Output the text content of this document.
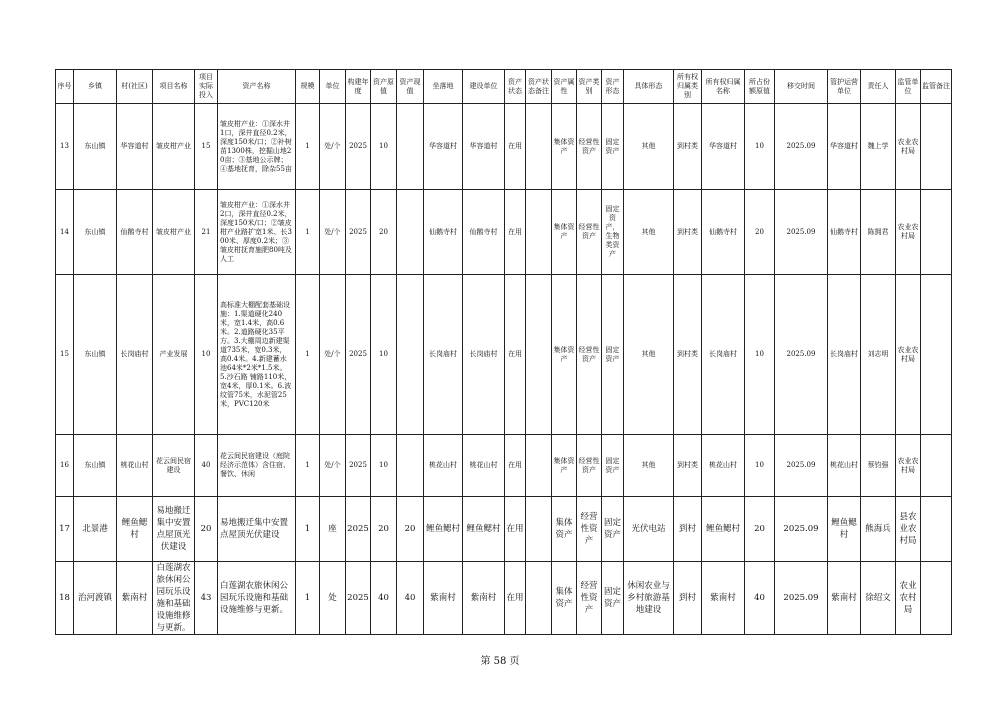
序号	乡镇	村(社区)	项目名称	项目实际投入	资产名称	规模	单位	构建年度	资产原值	资产现值	坐落地	建设单位	资产状态	资产状态备注	资产属性	资产类别	资产形态	具体形态	所有权归属类别	所有权归属名称	所占份额原值	移交时间	管护运营单位	责任人	监管单位	监管备注
13	东山镇	华容道村	皱皮柑产业	15	皱皮柑产业：①深水井1口，深井直径0.2米，深度150米/口；②补树苗1300株，挖掘山地20亩；③基地公示牌；④基地抚育，除杂55亩	1	处/个	2025	10		华容道村	华容道村	在用		集体资产	经营性资产	固定资产	其他	到村类	华容道村	10	2025.09	华容道村	魏上学	农业农村局	
14	东山镇	仙鹅寺村	皱皮柑产业	21	皱皮柑产业：①深水井2口，深井直径0.2米，深度150米/口；②皱皮柑产业路扩宽1米、长300米、厚度0.2米；③皱皮柑抚育施肥80吨及人工	1	处/个	2025	20		仙鹅寺村	仙鹅寺村	在用		集体资产	经营性资产	固定资产，生物类资产	其他	到村类	仙鹅寺村	20	2025.09	仙鹅寺村	陈拥君	农业农村局	
15	东山镇	长岗庙村	产业发展	10	高标准大棚配套基础设施：1.渠道硬化240米，宽1.4米，高0.6米。2.道路硬化35平方。3.大棚周边新建渠道735米，宽0.3米，高0.4米。4.新建蓄水池64米*2米*1.5米。5.沙石路 铺路110米，宽4米，厚0.1米。6.波纹管75米，水泥管25米，PVC120米	1	处/个	2025	10		长岗庙村	长岗庙村	在用		集体资产	经营性资产	固定资产	其他	到村类	长岗庙村	10	2025.09	长岗庙村	刘志明	农业农村局	
16	东山镇	桃花山村	花云间民宿建设	40	花云间民宿建设（庭院经济示范体）含住宿、餐饮、休闲	1	处/个	2025	10		桃花山村	桃花山村	在用		集体资产	经营性资产	固定资产	其他	到村类	桃花山村	10	2025.09	桃花山村	蔡钧强	农业农村局	
17	北景港	鲤鱼鳃村	易地搬迁集中安置点屋顶光伏建设	20	易地搬迁集中安置点屋顶光伏建设	1	座	2025	20	20	鲤鱼鳃村	鲤鱼鳃村	在用		集体资产	经营性资产	固定资产	光伏电站	到村	鲤鱼鳃村	20	2025.09	鲤鱼鳃村	熊海兵	县农业农村局	
18	治河渡镇	紫南村	白莲湖农旅休闲公园玩乐设施和基础设施维修与更新。	43	白莲湖农旅休闲公园玩乐设施和基础设施维修与更新。	1	处	2025	40	40	紫南村	紫南村	在用		集体资产	经营性资产	固定资产	休闲农业与乡村旅游基地建设	到村	紫南村	40	2025.09	紫南村	徐绍文	农业农村局	
第 58 页
